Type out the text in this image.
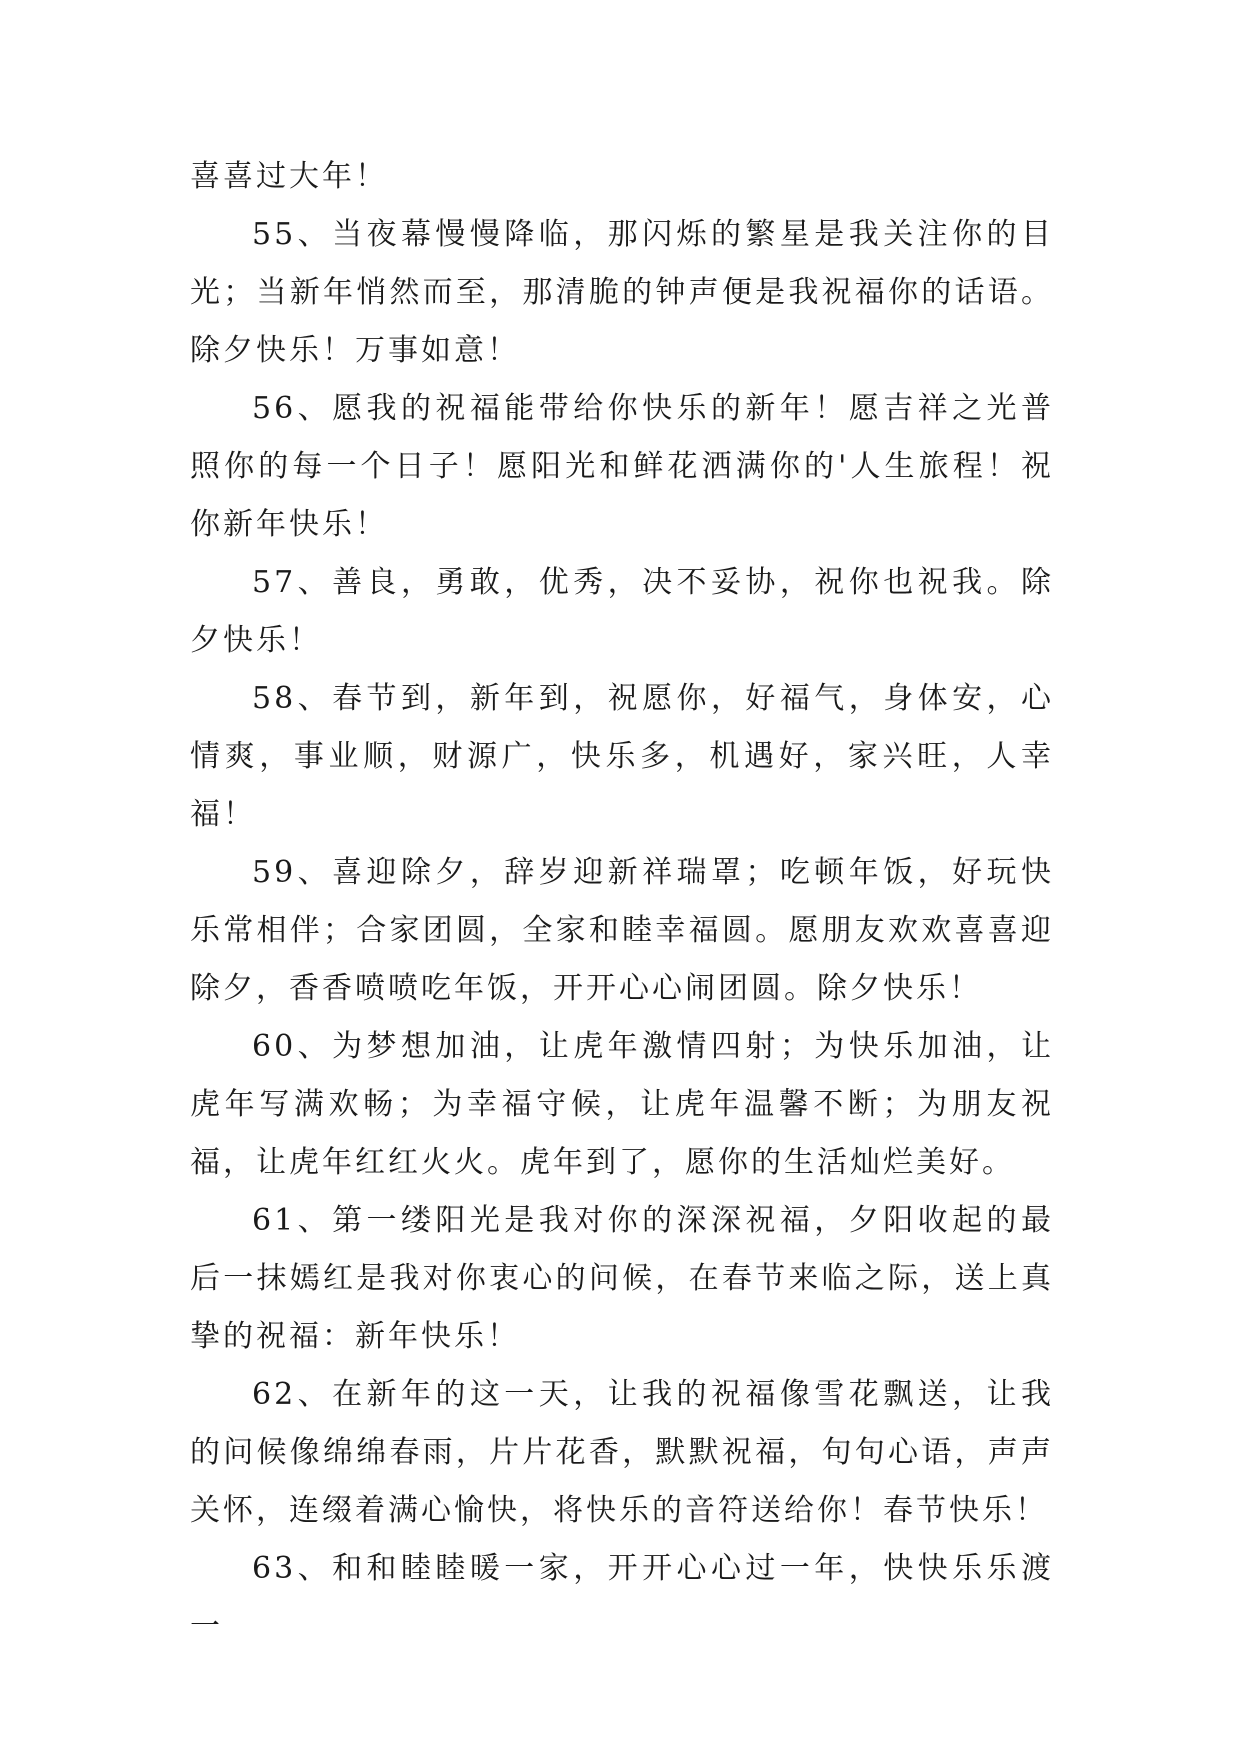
喜喜过大年！

55、当夜幕慢慢降临，那闪烁的繁星是我关注你的目光；当新年悄然而至，那清脆的钟声便是我祝福你的话语。除夕快乐！万事如意！

56、愿我的祝福能带给你快乐的新年！愿吉祥之光普照你的每一个日子！愿阳光和鲜花洒满你的'人生旅程！祝你新年快乐！

57、善良，勇敢，优秀，决不妥协，祝你也祝我。除夕快乐！

58、春节到，新年到，祝愿你，好福气，身体安，心情爽，事业顺，财源广，快乐多，机遇好，家兴旺，人幸福！

59、喜迎除夕，辞岁迎新祥瑞罩；吃顿年饭，好玩快乐常相伴；合家团圆，全家和睦幸福圆。愿朋友欢欢喜喜迎除夕，香香喷喷吃年饭，开开心心闹团圆。除夕快乐！

60、为梦想加油，让虎年激情四射；为快乐加油，让虎年写满欢畅；为幸福守候，让虎年温馨不断；为朋友祝福，让虎年红红火火。虎年到了，愿你的生活灿烂美好。

61、第一缕阳光是我对你的深深祝福，夕阳收起的最后一抹嫣红是我对你衷心的问候，在春节来临之际，送上真挚的祝福：新年快乐！

62、在新年的这一天，让我的祝福像雪花飘送，让我的问候像绵绵春雨，片片花香，默默祝福，句句心语，声声关怀，连缀着满心愉快，将快乐的音符送给你！春节快乐！

63、和和睦睦暖一家，开开心心过一年，快快乐乐渡一
